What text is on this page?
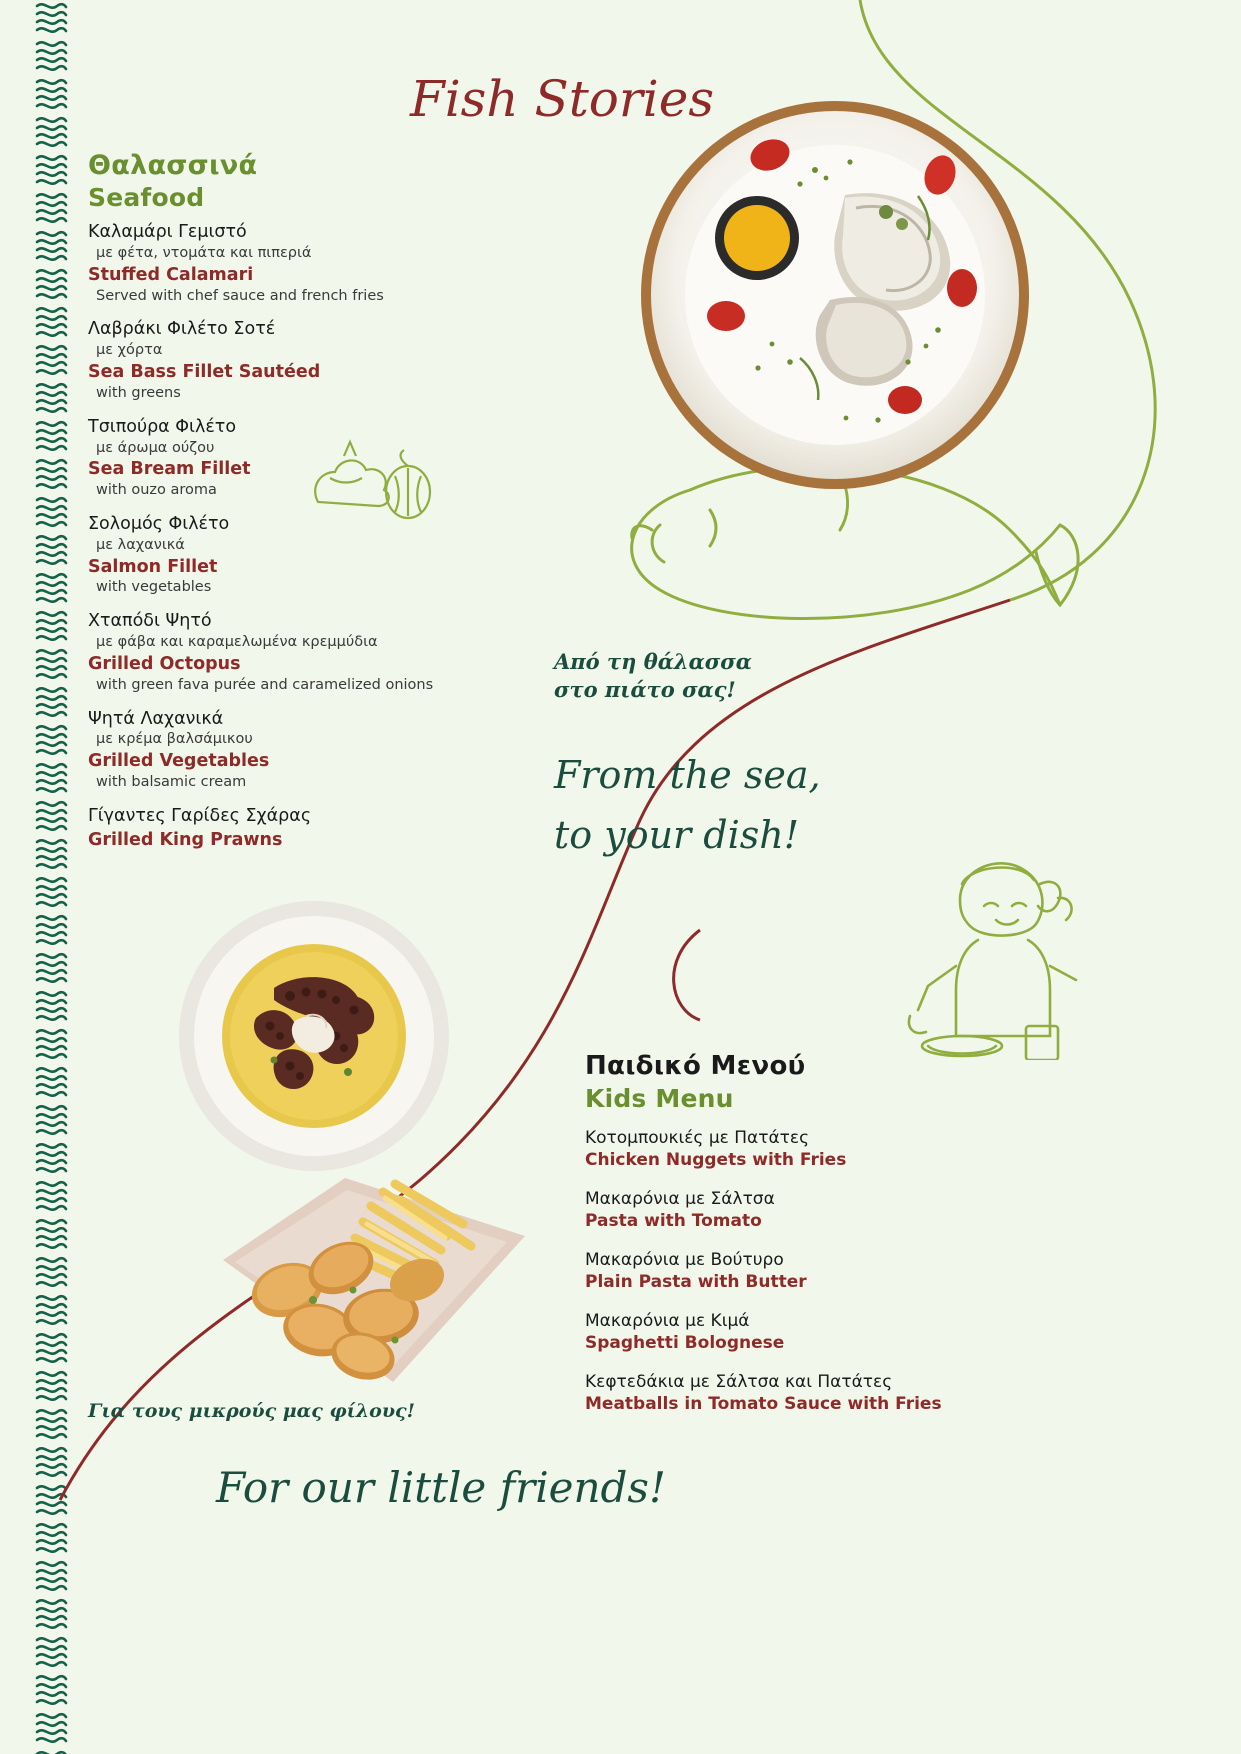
Fish Stories
Θαλασσινά
Seafood
Καλαμάρι Γεμιστό
με φέτα, ντομάτα και πιπεριά
Stuffed Calamari
Served with chef sauce and french fries
Λαβράκι Φιλέτο Σοτέ
με χόρτα
Sea Bass Fillet Sautéed
with greens
Τσιπούρα Φιλέτο
με άρωμα ούζου
Sea Bream Fillet
with ouzo aroma
Σολομός Φιλέτο
με λαχανικά
Salmon Fillet
with vegetables
Χταπόδι Ψητό
με φάβα και καραμελωμένα κρεμμύδια
Grilled Octopus
with green fava purée and caramelized onions
Ψητά Λαχανικά
με κρέμα βαλσάμικου
Grilled Vegetables
with balsamic cream
Γίγαντες Γαρίδες Σχάρας
Grilled King Prawns
Από τη θάλασσα
στο πιάτο σας!
From the sea,
to your dish!
Παιδικό Μενού
Kids Menu
Κοτομπουκιές με Πατάτες
Chicken Nuggets with Fries
Μακαρόνια με Σάλτσα
Pasta with Tomato
Μακαρόνια με Βούτυρο
Plain Pasta with Butter
Μακαρόνια με Κιμά
Spaghetti Bolognese
Κεφτεδάκια με Σάλτσα και Πατάτες
Meatballs in Tomato Sauce with Fries
Για τους μικρούς μας φίλους!
For our little friends!
